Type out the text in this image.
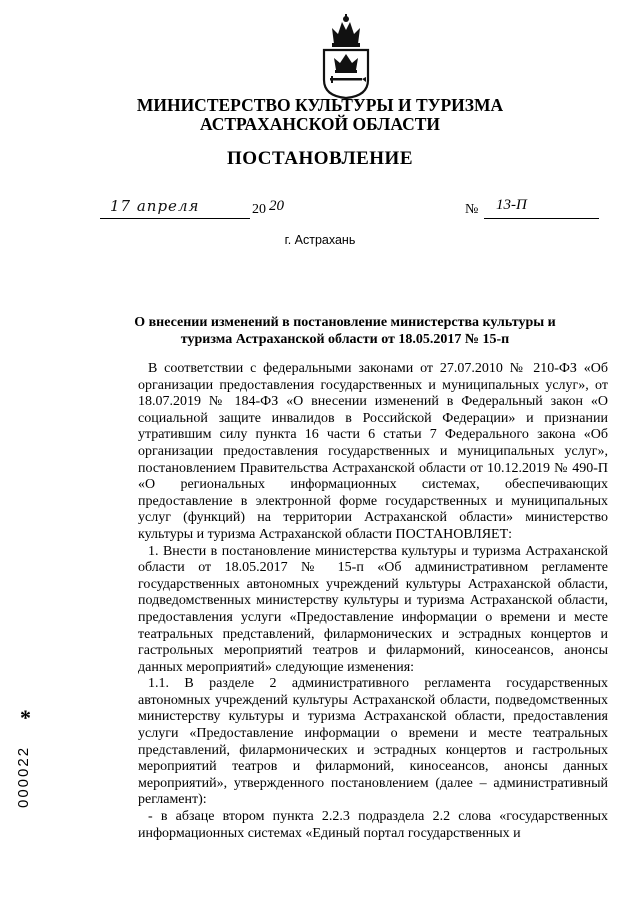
МИНИСТЕРСТВО КУЛЬТУРЫ И ТУРИЗМА
АСТРАХАНСКОЙ ОБЛАСТИ
ПОСТАНОВЛЕНИЕ
17 апреля	20 20	№ 13-П
г. Астрахань
О внесении изменений в постановление министерства культуры и
туризма Астраханской области от 18.05.2017 № 15-п

В соответствии с федеральными законами от 27.07.2010 № 210-ФЗ «Об организации предоставления государственных и муниципальных услуг», от 18.07.2019 № 184-ФЗ «О внесении изменений в Федеральный закон «О социальной защите инвалидов в Российской Федерации» и признании утратившим силу пункта 16 части 6 статьи 7 Федерального закона «Об организации предоставления государственных и муниципальных услуг», постановлением Правительства Астраханской области от 10.12.2019 № 490-П «О региональных информационных системах, обеспечивающих предоставление в электронной форме государственных и муниципальных услуг (функций) на территории Астраханской области» министерство культуры и туризма Астраханской области ПОСТАНОВЛЯЕТ:

1. Внести в постановление министерства культуры и туризма Астраханской области от 18.05.2017 № 15-п «Об административном регламенте государственных автономных учреждений культуры Астраханской области, подведомственных министерству культуры и туризма Астраханской области, предоставления услуги «Предоставление информации о времени и месте театральных представлений, филармонических и эстрадных концертов и гастрольных мероприятий театров и филармоний, киносеансов, анонсы данных мероприятий» следующие изменения:

1.1. В разделе 2 административного регламента государственных автономных учреждений культуры Астраханской области, подведомственных министерству культуры и туризма Астраханской области, предоставления услуги «Предоставление информации о времени и месте театральных представлений, филармонических и эстрадных концертов и гастрольных мероприятий театров и филармоний, киносеансов, анонсы данных мероприятий», утвержденного постановлением (далее – административный регламент):

- в абзаце втором пункта 2.2.3 подраздела 2.2 слова «государственных информационных системах «Единый портал государственных и

*
000022
